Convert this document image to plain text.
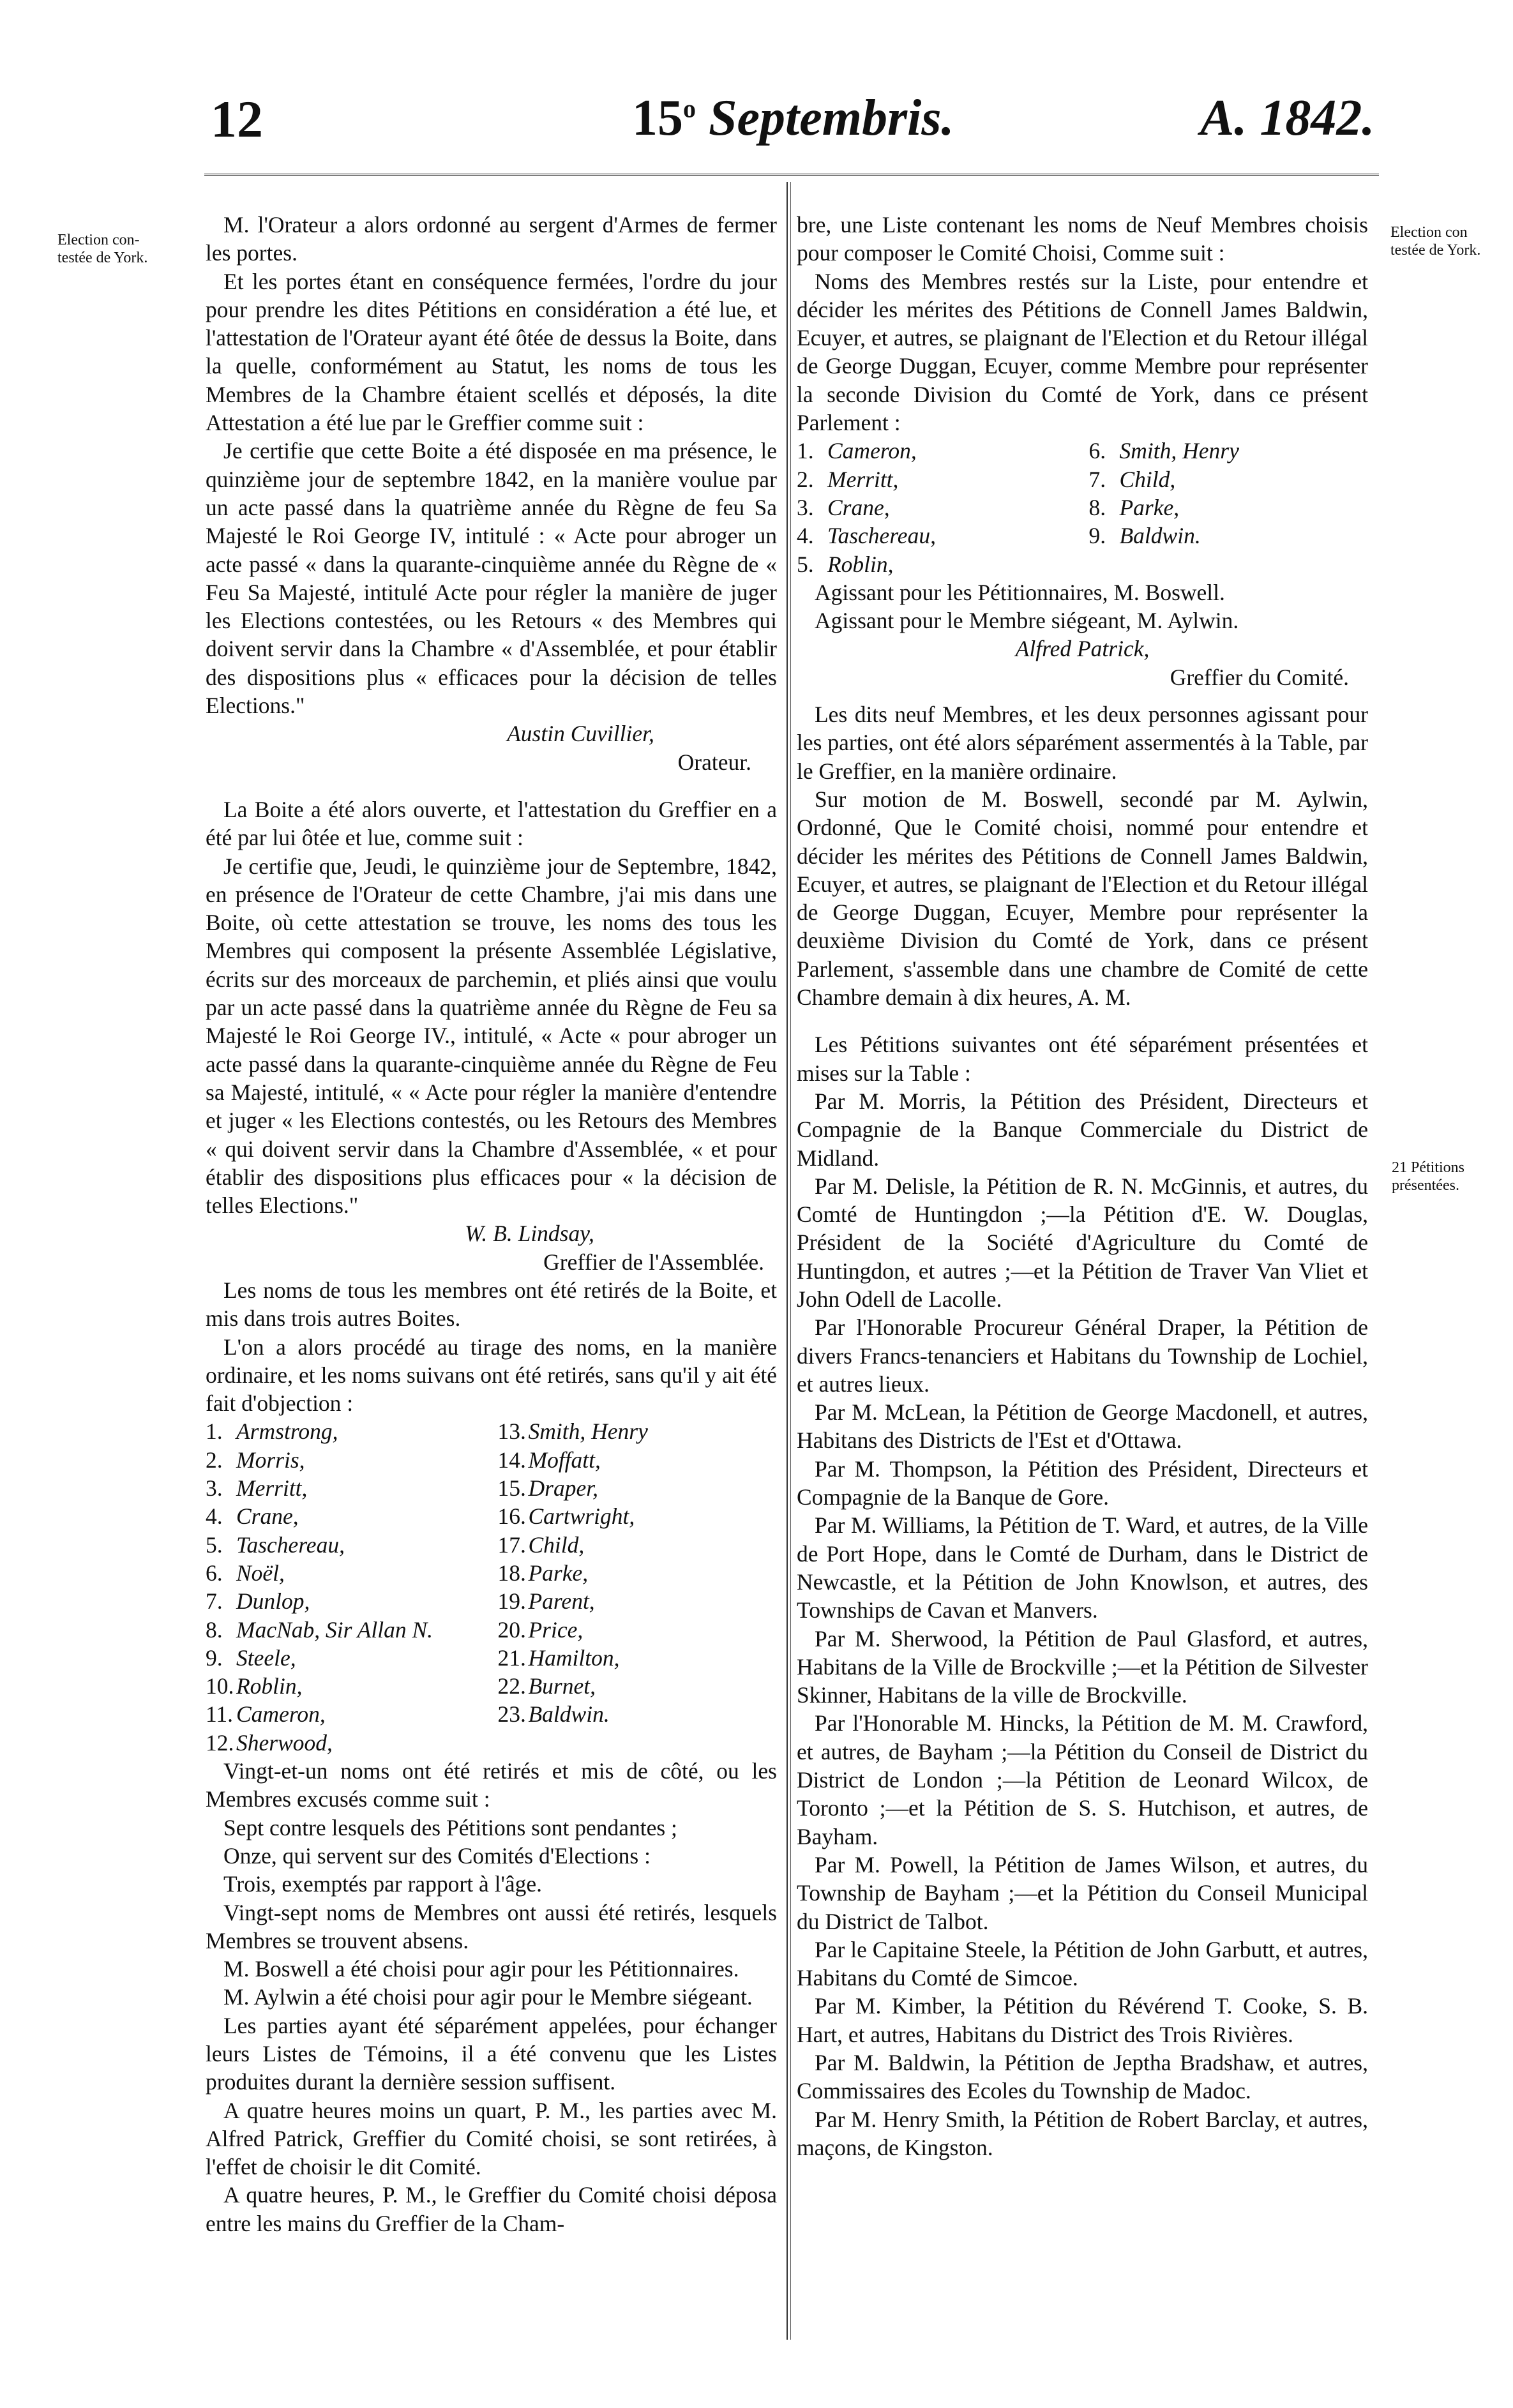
12	15$^o$ Septembris.	A. 1842.
Election con-
testée de York.
Election con
testée de York.
21 Pétitions
présentées.

M. l'Orateur a alors ordonné au sergent d'Armes de fermer les portes.

Et les portes étant en conséquence fermées, l'ordre du jour pour prendre les dites Pétitions en considération a été lue, et l'attestation de l'Orateur ayant été ôtée de dessus la Boite, dans la quelle, conformément au Statut, les noms de tous les Membres de la Chambre étaient scellés et déposés, la dite Attestation a été lue par le Greffier comme suit :

Je certifie que cette Boite a été disposée en ma présence, le quinzième jour de septembre 1842, en la manière voulue par un acte passé dans la quatrième année du Règne de feu Sa Majesté le Roi George IV, intitulé : « Acte pour abroger un acte passé « dans la quarante-cinquième année du Règne de « Feu Sa Majesté, intitulé Acte pour régler la manière de juger les Elections contestées, ou les Retours « des Membres qui doivent servir dans la Chambre « d'Assemblée, et pour établir des dispositions plus « efficaces pour la décision de telles Elections."

Austin Cuvillier,

Orateur.

La Boite a été alors ouverte, et l'attestation du Greffier en a été par lui ôtée et lue, comme suit :

Je certifie que, Jeudi, le quinzième jour de Septembre, 1842, en présence de l'Orateur de cette Chambre, j'ai mis dans une Boite, où cette attestation se trouve, les noms des tous les Membres qui composent la présente Assemblée Législative, écrits sur des morceaux de parchemin, et pliés ainsi que voulu par un acte passé dans la quatrième année du Règne de Feu sa Majesté le Roi George IV., intitulé, « Acte « pour abroger un acte passé dans la quarante-cinquième année du Règne de Feu sa Majesté, intitulé, « « Acte pour régler la manière d'entendre et juger « les Elections contestés, ou les Retours des Membres « qui doivent servir dans la Chambre d'Assemblée, « et pour établir des dispositions plus efficaces pour « la décision de telles Elections."

W. B. Lindsay,

Greffier de l'Assemblée.

Les noms de tous les membres ont été retirés de la Boite, et mis dans trois autres Boites.

L'on a alors procédé au tirage des noms, en la manière ordinaire, et les noms suivans ont été retirés, sans qu'il y ait été fait d'objection :

1. Armstrong,
2. Morris,
3. Merritt,
4. Crane,
5. Taschereau,
6. Noël,
7. Dunlop,
8. MacNab, Sir Allan N.
9. Steele,
10. Roblin,
11. Cameron,
12. Sherwood,
13. Smith, Henry
14. Moffatt,
15. Draper,
16. Cartwright,
17. Child,
18. Parke,
19. Parent,
20. Price,
21. Hamilton,
22. Burnet,
23. Baldwin.

Vingt-et-un noms ont été retirés et mis de côté, ou les Membres excusés comme suit :

Sept contre lesquels des Pétitions sont pendantes ;

Onze, qui servent sur des Comités d'Elections :

Trois, exemptés par rapport à l'âge.

Vingt-sept noms de Membres ont aussi été retirés, lesquels Membres se trouvent absens.

M. Boswell a été choisi pour agir pour les Pétitionnaires.

M. Aylwin a été choisi pour agir pour le Membre siégeant.

Les parties ayant été séparément appelées, pour échanger leurs Listes de Témoins, il a été convenu que les Listes produites durant la dernière session suffisent.

A quatre heures moins un quart, P. M., les parties avec M. Alfred Patrick, Greffier du Comité choisi, se sont retirées, à l'effet de choisir le dit Comité.

A quatre heures, P. M., le Greffier du Comité choisi déposa entre les mains du Greffier de la Cham-

bre, une Liste contenant les noms de Neuf Membres choisis pour composer le Comité Choisi, Comme suit :

Noms des Membres restés sur la Liste, pour entendre et décider les mérites des Pétitions de Connell James Baldwin, Ecuyer, et autres, se plaignant de l'Election et du Retour illégal de George Duggan, Ecuyer, comme Membre pour représenter la seconde Division du Comté de York, dans ce présent Parlement :

1. Cameron,
2. Merritt,
3. Crane,
4. Taschereau,
5. Roblin,
6. Smith, Henry
7. Child,
8. Parke,
9. Baldwin.

Agissant pour les Pétitionnaires, M. Boswell.

Agissant pour le Membre siégeant, M. Aylwin.

Alfred Patrick,

Greffier du Comité.

Les dits neuf Membres, et les deux personnes agissant pour les parties, ont été alors séparément assermentés à la Table, par le Greffier, en la manière ordinaire.

Sur motion de M. Boswell, secondé par M. Aylwin, Ordonné, Que le Comité choisi, nommé pour entendre et décider les mérites des Pétitions de Connell James Baldwin, Ecuyer, et autres, se plaignant de l'Election et du Retour illégal de George Duggan, Ecuyer, Membre pour représenter la deuxième Division du Comté de York, dans ce présent Parlement, s'assemble dans une chambre de Comité de cette Chambre demain à dix heures, A. M.

Les Pétitions suivantes ont été séparément présentées et mises sur la Table :

Par M. Morris, la Pétition des Président, Directeurs et Compagnie de la Banque Commerciale du District de Midland.

Par M. Delisle, la Pétition de R. N. McGinnis, et autres, du Comté de Huntingdon ;—la Pétition d'E. W. Douglas, Président de la Société d'Agriculture du Comté de Huntingdon, et autres ;—et la Pétition de Traver Van Vliet et John Odell de Lacolle.

Par l'Honorable Procureur Général Draper, la Pétition de divers Francs-tenanciers et Habitans du Township de Lochiel, et autres lieux.

Par M. McLean, la Pétition de George Macdonell, et autres, Habitans des Districts de l'Est et d'Ottawa.

Par M. Thompson, la Pétition des Président, Directeurs et Compagnie de la Banque de Gore.

Par M. Williams, la Pétition de T. Ward, et autres, de la Ville de Port Hope, dans le Comté de Durham, dans le District de Newcastle, et la Pétition de John Knowlson, et autres, des Townships de Cavan et Manvers.

Par M. Sherwood, la Pétition de Paul Glasford, et autres, Habitans de la Ville de Brockville ;—et la Pétition de Silvester Skinner, Habitans de la ville de Brockville.

Par l'Honorable M. Hincks, la Pétition de M. M. Crawford, et autres, de Bayham ;—la Pétition du Conseil de District du District de London ;—la Pétition de Leonard Wilcox, de Toronto ;—et la Pétition de S. S. Hutchison, et autres, de Bayham.

Par M. Powell, la Pétition de James Wilson, et autres, du Township de Bayham ;—et la Pétition du Conseil Municipal du District de Talbot.

Par le Capitaine Steele, la Pétition de John Garbutt, et autres, Habitans du Comté de Simcoe.

Par M. Kimber, la Pétition du Révérend T. Cooke, S. B. Hart, et autres, Habitans du District des Trois Rivières.

Par M. Baldwin, la Pétition de Jeptha Bradshaw, et autres, Commissaires des Ecoles du Township de Madoc.

Par M. Henry Smith, la Pétition de Robert Barclay, et autres, maçons, de Kingston.
